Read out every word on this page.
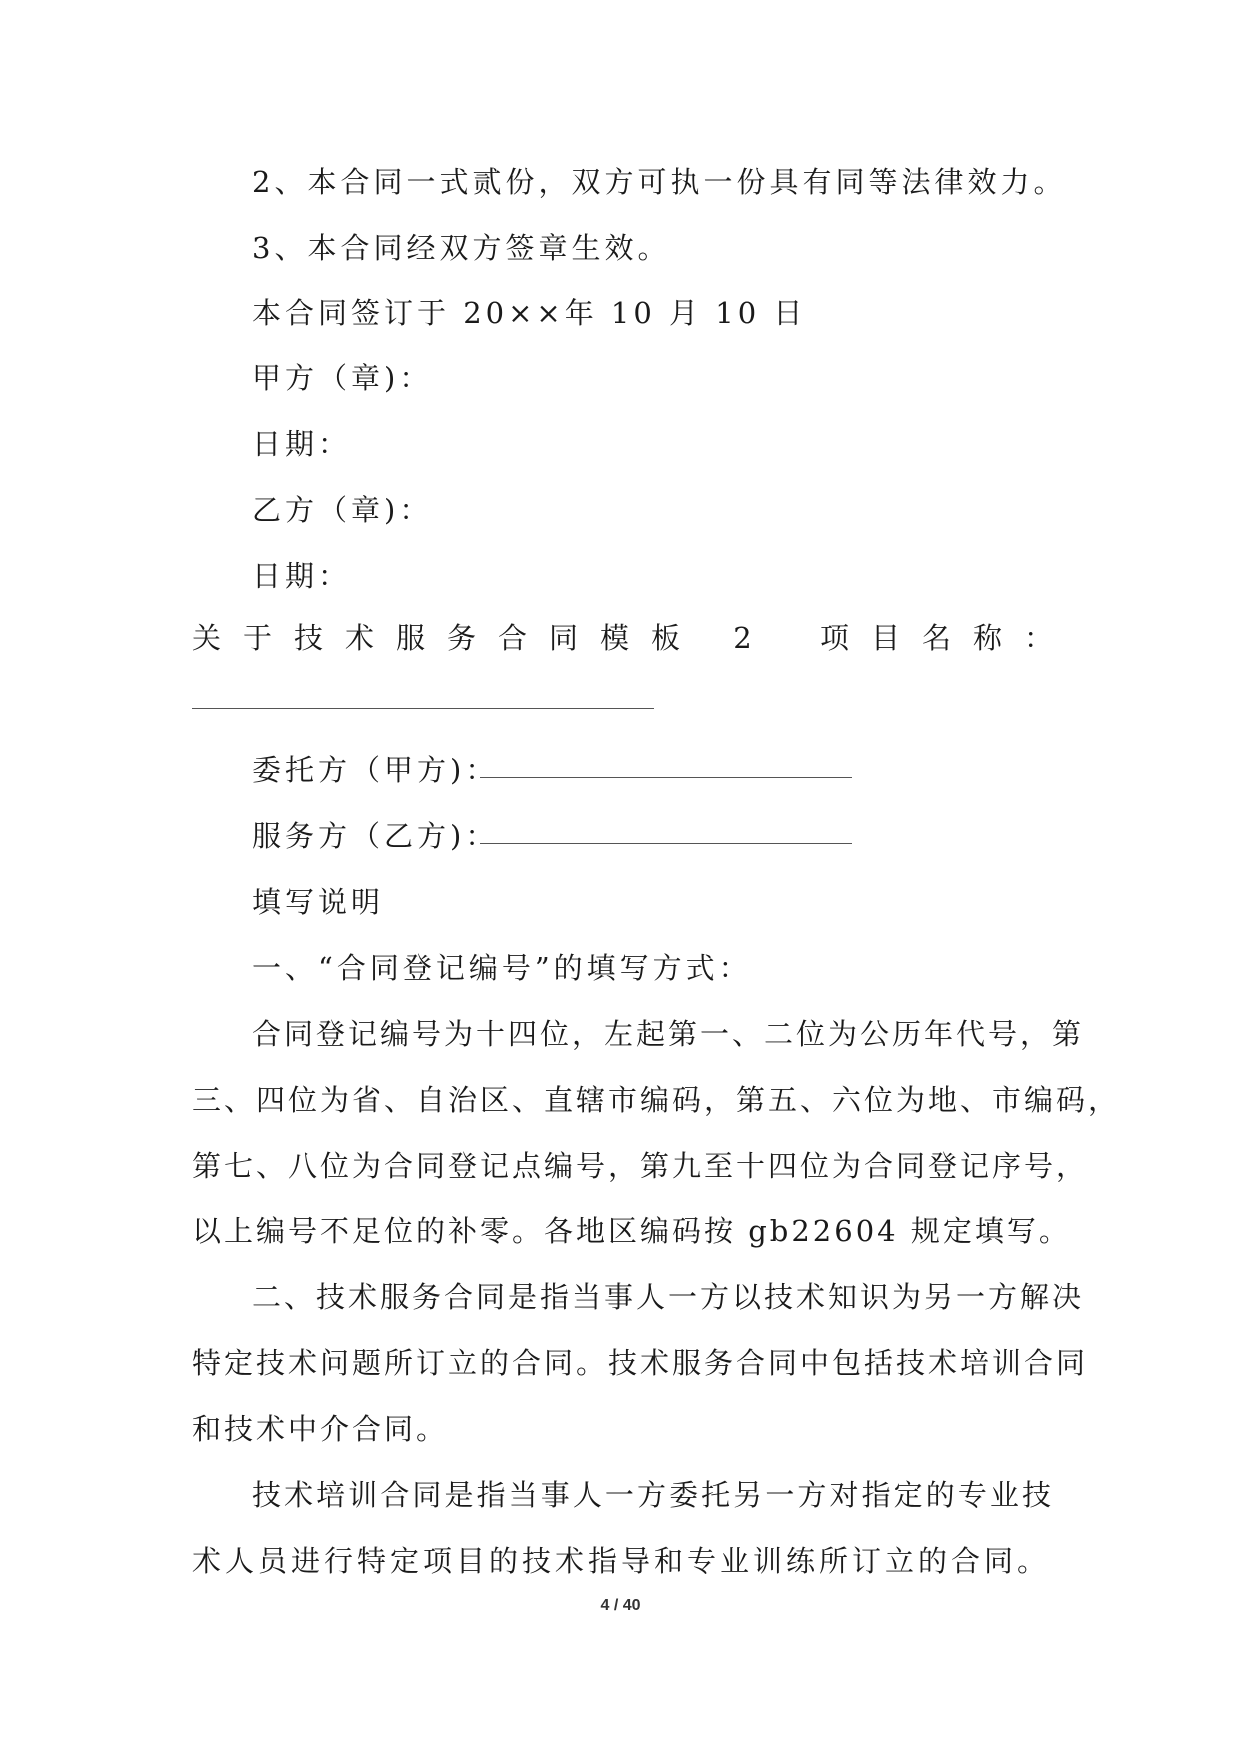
2、本合同一式贰份，双方可执一份具有同等法律效力。
3、本合同经双方签章生效。
本合同签订于 20××年 10 月 10 日
甲方（章)：
日期：
乙方（章)：
日期：
关于技术服务合同模板 2 项目名称：
委托方（甲方)：
服务方（乙方)：
填写说明
一、“合同登记编号”的填写方式：
合同登记编号为十四位，左起第一、二位为公历年代号，第
三、四位为省、自治区、直辖市编码，第五、六位为地、市编码，
第七、八位为合同登记点编号，第九至十四位为合同登记序号，
以上编号不足位的补零。各地区编码按 gb22604 规定填写。
二、技术服务合同是指当事人一方以技术知识为另一方解决
特定技术问题所订立的合同。技术服务合同中包括技术培训合同
和技术中介合同。
技术培训合同是指当事人一方委托另一方对指定的专业技
术人员进行特定项目的技术指导和专业训练所订立的合同。
4 / 40
